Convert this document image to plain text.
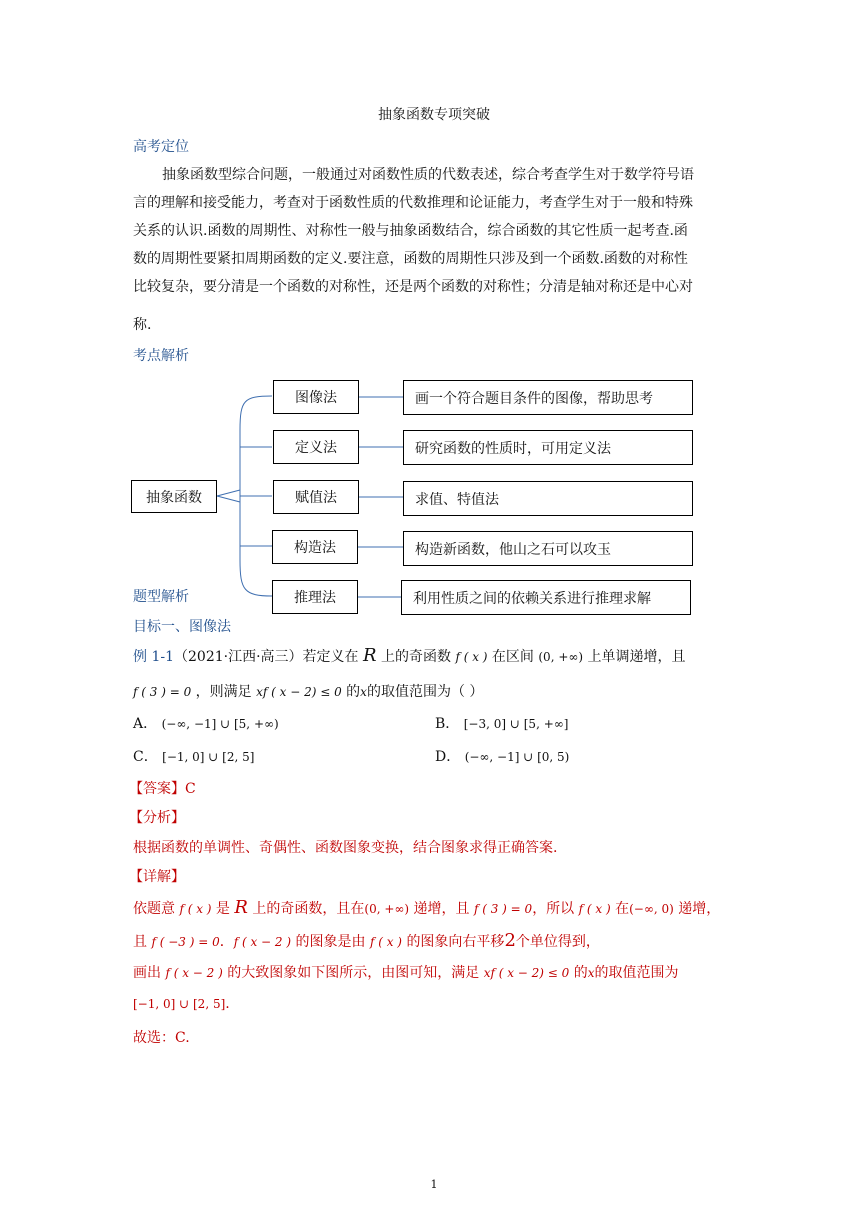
抽象函数专项突破
高考定位
抽象函数型综合问题，一般通过对函数性质的代数表述，综合考查学生对于数学符号语
言的理解和接受能力，考查对于函数性质的代数推理和论证能力，考查学生对于一般和特殊
关系的认识.函数的周期性、对称性一般与抽象函数结合，综合函数的其它性质一起考查.函
数的周期性要紧扣周期函数的定义.要注意，函数的周期性只涉及到一个函数.函数的对称性
比较复杂，要分清是一个函数的对称性，还是两个函数的对称性；分清是轴对称还是中心对
称.
考点解析
抽象函数
图像法	画一个符合题目条件的图像，帮助思考
定义法	研究函数的性质时，可用定义法
赋值法	求值、特值法
构造法	构造新函数，他山之石可以攻玉
推理法	利用性质之间的依赖关系进行推理求解
题型解析
目标一、图像法
例 1-1（2021·江西·高三）若定义在 R 上的奇函数 f ( x ) 在区间 (0, +∞) 上单调递增，且
f ( 3 ) = 0 ，则满足 xf ( x − 2) ≤ 0 的x的取值范围为（ ）
A． (−∞, −1] ∪ [5, +∞)	B． [−3, 0] ∪ [5, +∞]
C． [−1, 0] ∪ [2, 5]	D． (−∞, −1] ∪ [0, 5)
【答案】C
【分析】
根据函数的单调性、奇偶性、函数图象变换，结合图象求得正确答案.
【详解】
依题意 f ( x ) 是 R 上的奇函数，且在(0, +∞) 递增，且 f ( 3 ) = 0，所以 f ( x ) 在(−∞, 0) 递增，
且 f ( −3 ) = 0．f ( x − 2 ) 的图象是由 f ( x ) 的图象向右平移2个单位得到，
画出 f ( x − 2 ) 的大致图象如下图所示，由图可知，满足 xf ( x − 2) ≤ 0 的x的取值范围为
[−1, 0] ∪ [2, 5].
故选：C.
1
